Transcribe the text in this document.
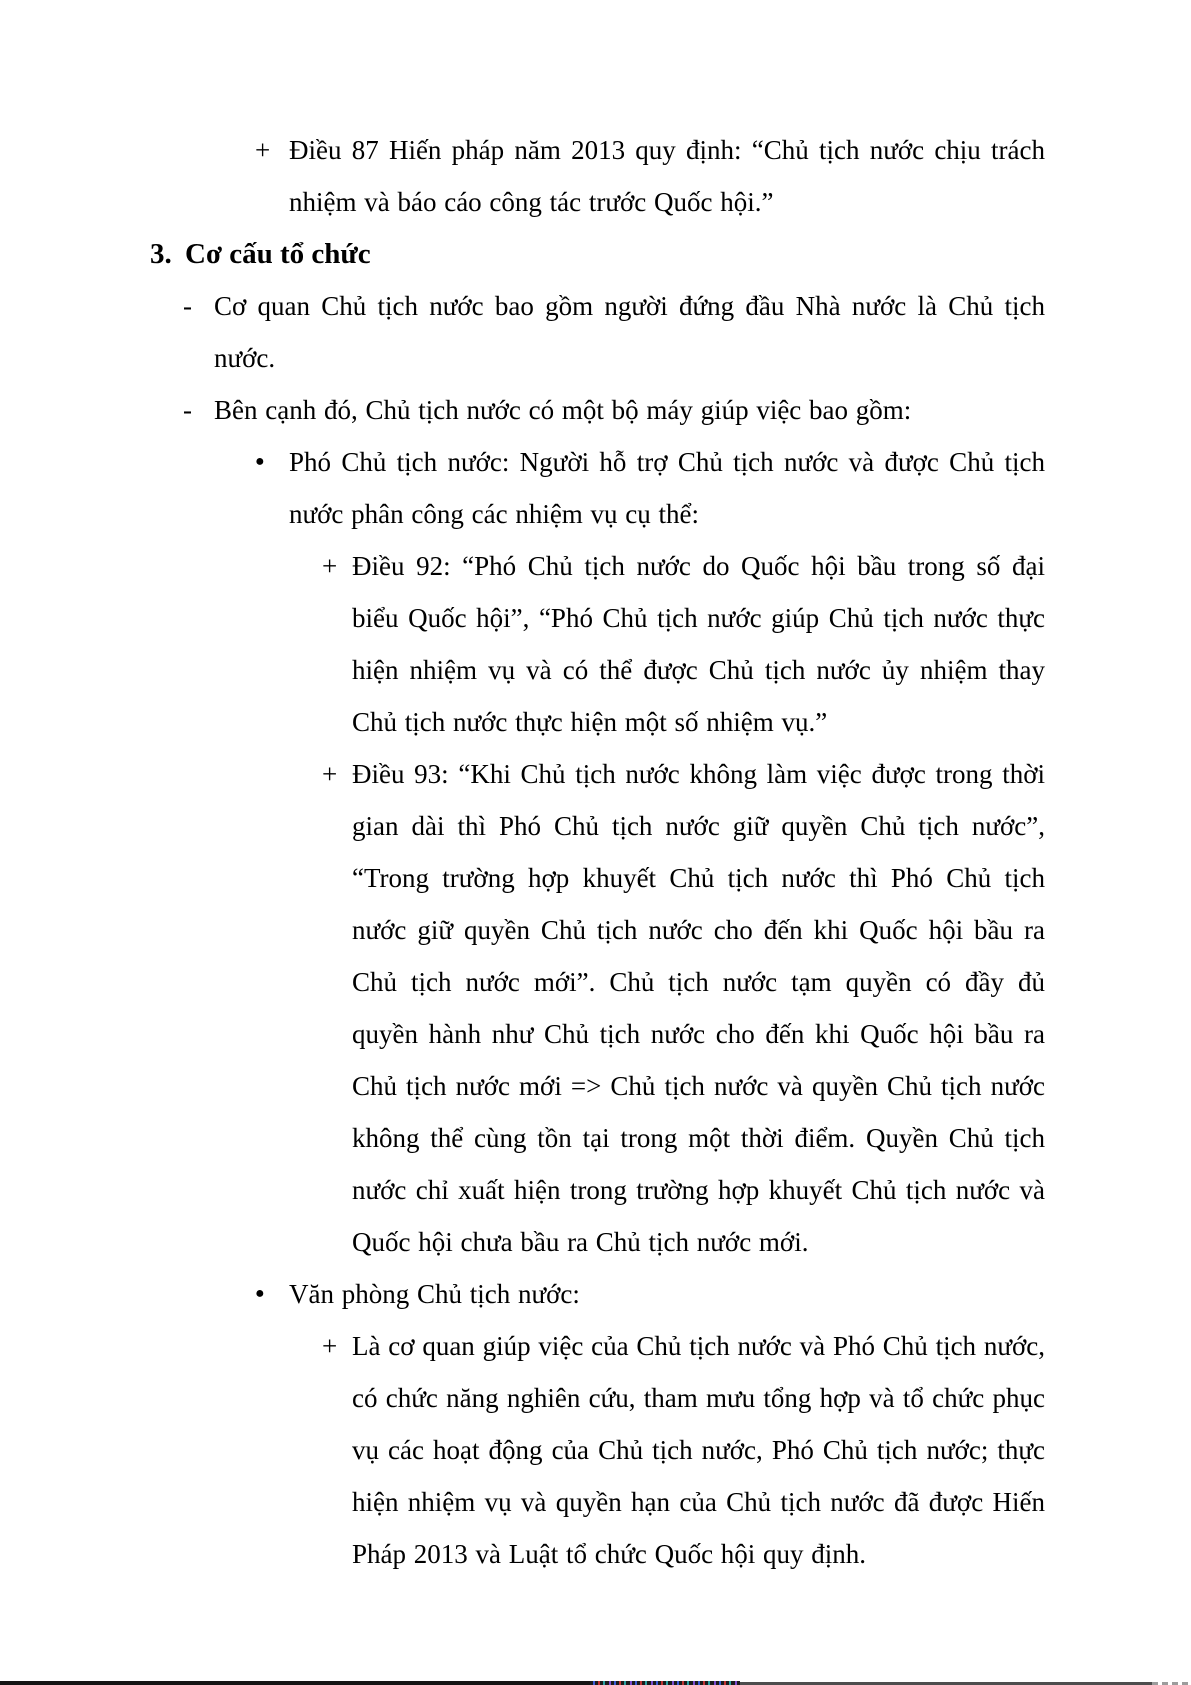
+ Điều 87 Hiến pháp năm 2013 quy định: “Chủ tịch nước chịu trách nhiệm và báo cáo công tác trước Quốc hội.”
3. Cơ cấu tổ chức
- Cơ quan Chủ tịch nước bao gồm người đứng đầu Nhà nước là Chủ tịch nước.
- Bên cạnh đó, Chủ tịch nước có một bộ máy giúp việc bao gồm:
● Phó Chủ tịch nước: Người hỗ trợ Chủ tịch nước và được Chủ tịch nước phân công các nhiệm vụ cụ thể:
+ Điều 92: “Phó Chủ tịch nước do Quốc hội bầu trong số đại biểu Quốc hội”, “Phó Chủ tịch nước giúp Chủ tịch nước thực hiện nhiệm vụ và có thể được Chủ tịch nước ủy nhiệm thay Chủ tịch nước thực hiện một số nhiệm vụ.”
+ Điều 93: “Khi Chủ tịch nước không làm việc được trong thời gian dài thì Phó Chủ tịch nước giữ quyền Chủ tịch nước”, “Trong trường hợp khuyết Chủ tịch nước thì Phó Chủ tịch nước giữ quyền Chủ tịch nước cho đến khi Quốc hội bầu ra Chủ tịch nước mới”. Chủ tịch nước tạm quyền có đầy đủ quyền hành như Chủ tịch nước cho đến khi Quốc hội bầu ra Chủ tịch nước mới => Chủ tịch nước và quyền Chủ tịch nước không thể cùng tồn tại trong một thời điểm. Quyền Chủ tịch nước chỉ xuất hiện trong trường hợp khuyết Chủ tịch nước và Quốc hội chưa bầu ra Chủ tịch nước mới.
● Văn phòng Chủ tịch nước:
+ Là cơ quan giúp việc của Chủ tịch nước và Phó Chủ tịch nước, có chức năng nghiên cứu, tham mưu tổng hợp và tổ chức phục vụ các hoạt động của Chủ tịch nước, Phó Chủ tịch nước; thực hiện nhiệm vụ và quyền hạn của Chủ tịch nước đã được Hiến Pháp 2013 và Luật tổ chức Quốc hội quy định.
